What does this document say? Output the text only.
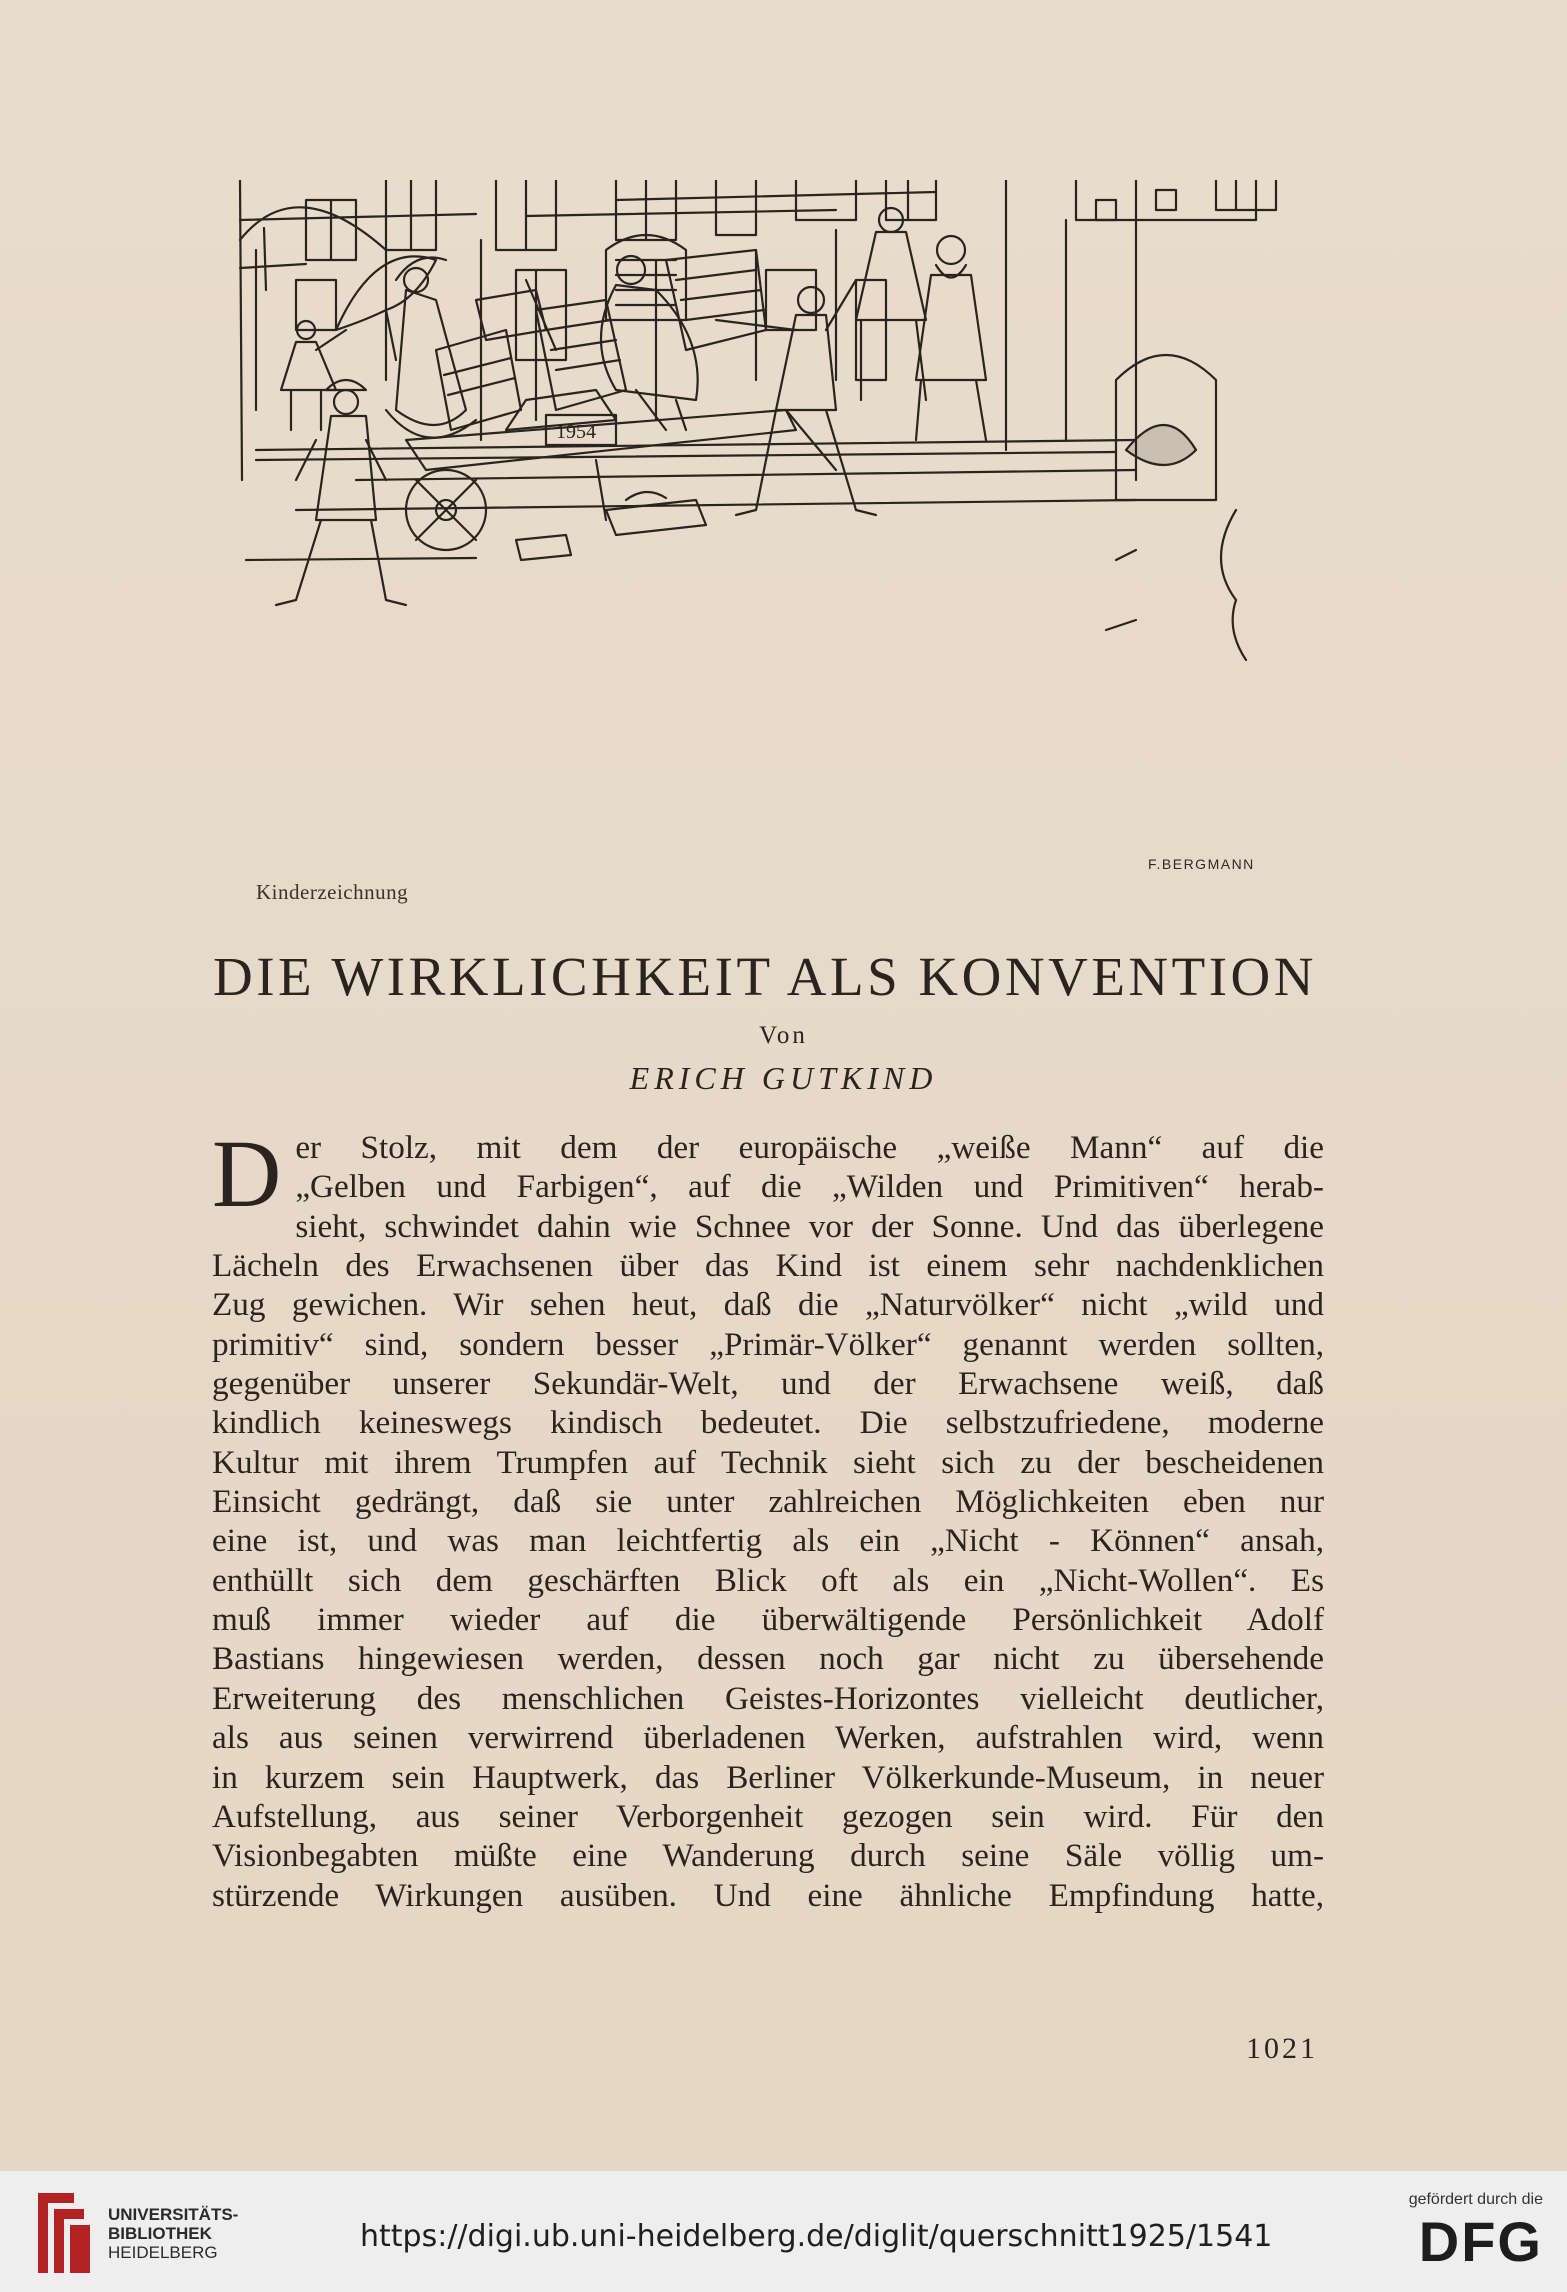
1954
F.BERGMANN
Kinderzeichnung
DIE WIRKLICHKEIT ALS KONVENTION
Von
ERICH GUTKIND
D er Stolz, mit dem der europäische „weiße Mann“ auf die
„Gelben und Farbigen“, auf die „Wilden und Primitiven“ herab-
sieht, schwindet dahin wie Schnee vor der Sonne. Und das überlegene
Lächeln des Erwachsenen über das Kind ist einem sehr nachdenklichen
Zug gewichen. Wir sehen heut, daß die „Naturvölker“ nicht „wild und
primitiv“ sind, sondern besser „Primär-Völker“ genannt werden sollten,
gegenüber unserer Sekundär-Welt, und der Erwachsene weiß, daß
kindlich keineswegs kindisch bedeutet. Die selbstzufriedene, moderne
Kultur mit ihrem Trumpfen auf Technik sieht sich zu der bescheidenen
Einsicht gedrängt, daß sie unter zahlreichen Möglichkeiten eben nur
eine ist, und was man leichtfertig als ein „Nicht - Können“ ansah,
enthüllt sich dem geschärften Blick oft als ein „Nicht-Wollen“. Es
muß immer wieder auf die überwältigende Persönlichkeit Adolf
Bastians hingewiesen werden, dessen noch gar nicht zu übersehende
Erweiterung des menschlichen Geistes-Horizontes vielleicht deutlicher,
als aus seinen verwirrend überladenen Werken, aufstrahlen wird, wenn
in kurzem sein Hauptwerk, das Berliner Völkerkunde-Museum, in neuer
Aufstellung, aus seiner Verborgenheit gezogen sein wird. Für den
Visionbegabten müßte eine Wanderung durch seine Säle völlig um-
stürzende Wirkungen ausüben. Und eine ähnliche Empfindung hatte,
1021
UNIVERSITÄTS-
BIBLIOTHEK
HEIDELBERG	https://digi.ub.uni-heidelberg.de/diglit/querschnitt1925/1541
gefördert durch die
DFG
